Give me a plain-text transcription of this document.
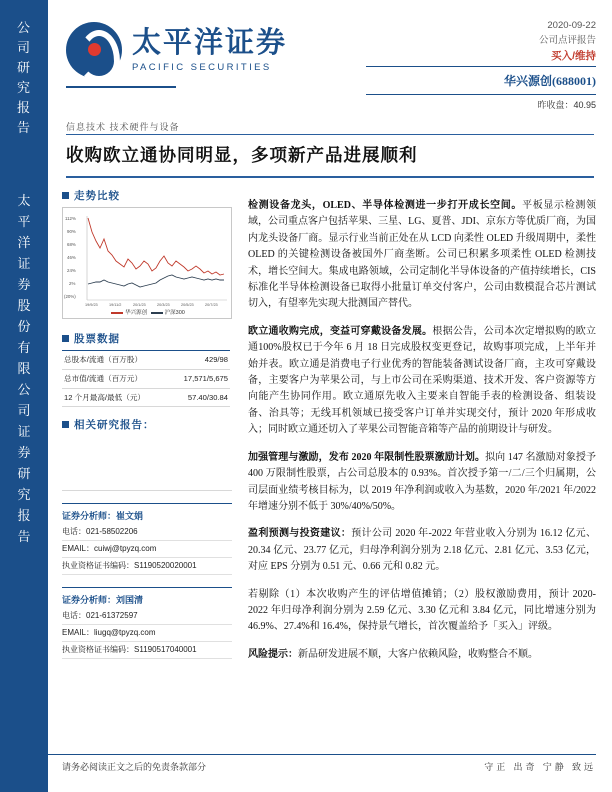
公
司
研
究
报
告
太
平
洋
证
券
股
份
有
限
公
司
证
券
研
究
报
告
太平洋证券
PACIFIC SECURITIES
2020-09-22
公司点评报告
买入/维持
华兴源创(688001)
昨收盘：40.95
信息技术 技术硬件与设备
收购欧立通协同明显，多项新产品进展顺利
走势比较
112%
90%
68%
46%
24%
2%
(20%)
19/9/23	19/11/2	20/1/23	20/3/23	20/5/23	20/7/23
华兴源创	沪深300
股票数据
总股本/流通（百万股）	429/98
总市值/流通（百万元）	17,571/5,675
12 个月最高/最低（元）	57.40/30.84
相关研究报告：
证券分析师：崔文娟
电话：021-58502206
EMAIL：cuiwj@tpyzq.com
执业资格证书编码：S1190520020001
证券分析师：刘国清
电话：021-61372597
EMAIL：liugq@tpyzq.com
执业资格证书编码：S1190517040001

检测设备龙头，OLED、半导体检测进一步打开成长空间。平板显示检测领域，公司重点客户包括苹果、三星、LG、夏普、JDI、京东方等优质厂商，为国内龙头设备厂商。显示行业当前正处在从 LCD 向柔性 OLED 升级周期中，柔性 OLED 的关键检测设备被国外厂商垄断。公司已积累多项柔性 OLED 检测技术，增长空间大。集成电路领域，公司定制化半导体设备的产值持续增长，CIS 标准化半导体检测设备已取得小批量订单交付客户，公司由数模混合芯片测试切入，有望率先实现大批测国产替代。

欧立通收购完成，变益可穿戴设备发展。根据公告，公司本次定增拟购的欧立通100%股权已于今年 6 月 18 日完成股权变更登记，故购事项完成，上半年并始并表。欧立通是消费电子行业优秀的智能装备测试设备厂商，主攻可穿戴设备，主要客户为苹果公司，与上市公司在采购渠道、技术开发、客户资源等方向能产生协同作用。欧立通原先收入主要来自智能手表的检测设备、组装设备、治具等；无线耳机领域已接受客户订单并实现交付，预计 2020 年形成收入；同时欧立通还切入了苹果公司智能音箱等产品的前期设计与研发。

加强管理与激励，发布 2020 年限制性股票激励计划。拟向 147 名激励对象授予 400 万限制性股票，占公司总股本的 0.93%。首次授予第一/二/三个归属期，公司层面业绩考核目标为，以 2019 年净利润或收入为基数，2020 年/2021 年/2022 年增速分别不低于 30%/40%/50%。

盈利预测与投资建议：预计公司 2020 年-2022 年营业收入分别为 16.12 亿元、20.34 亿元、23.77 亿元，归母净利润分别为 2.18 亿元、2.81 亿元、3.53 亿元，对应 EPS 分别为 0.51 元、0.66 元和 0.82 元。

若剔除（1）本次收购产生的评估增值摊销；（2）股权激励费用，预计 2020-2022 年归母净利润分别为 2.59 亿元、3.30 亿元和 3.84 亿元，同比增速分别为 46.9%、27.4%和 16.4%，保持景气增长，首次覆盖给予「买入」评级。

风险提示：新品研发进展不顺，大客户依赖风险，收购整合不顺。

请务必阅读正文之后的免责条款部分	守正 出奇 宁静 致远
